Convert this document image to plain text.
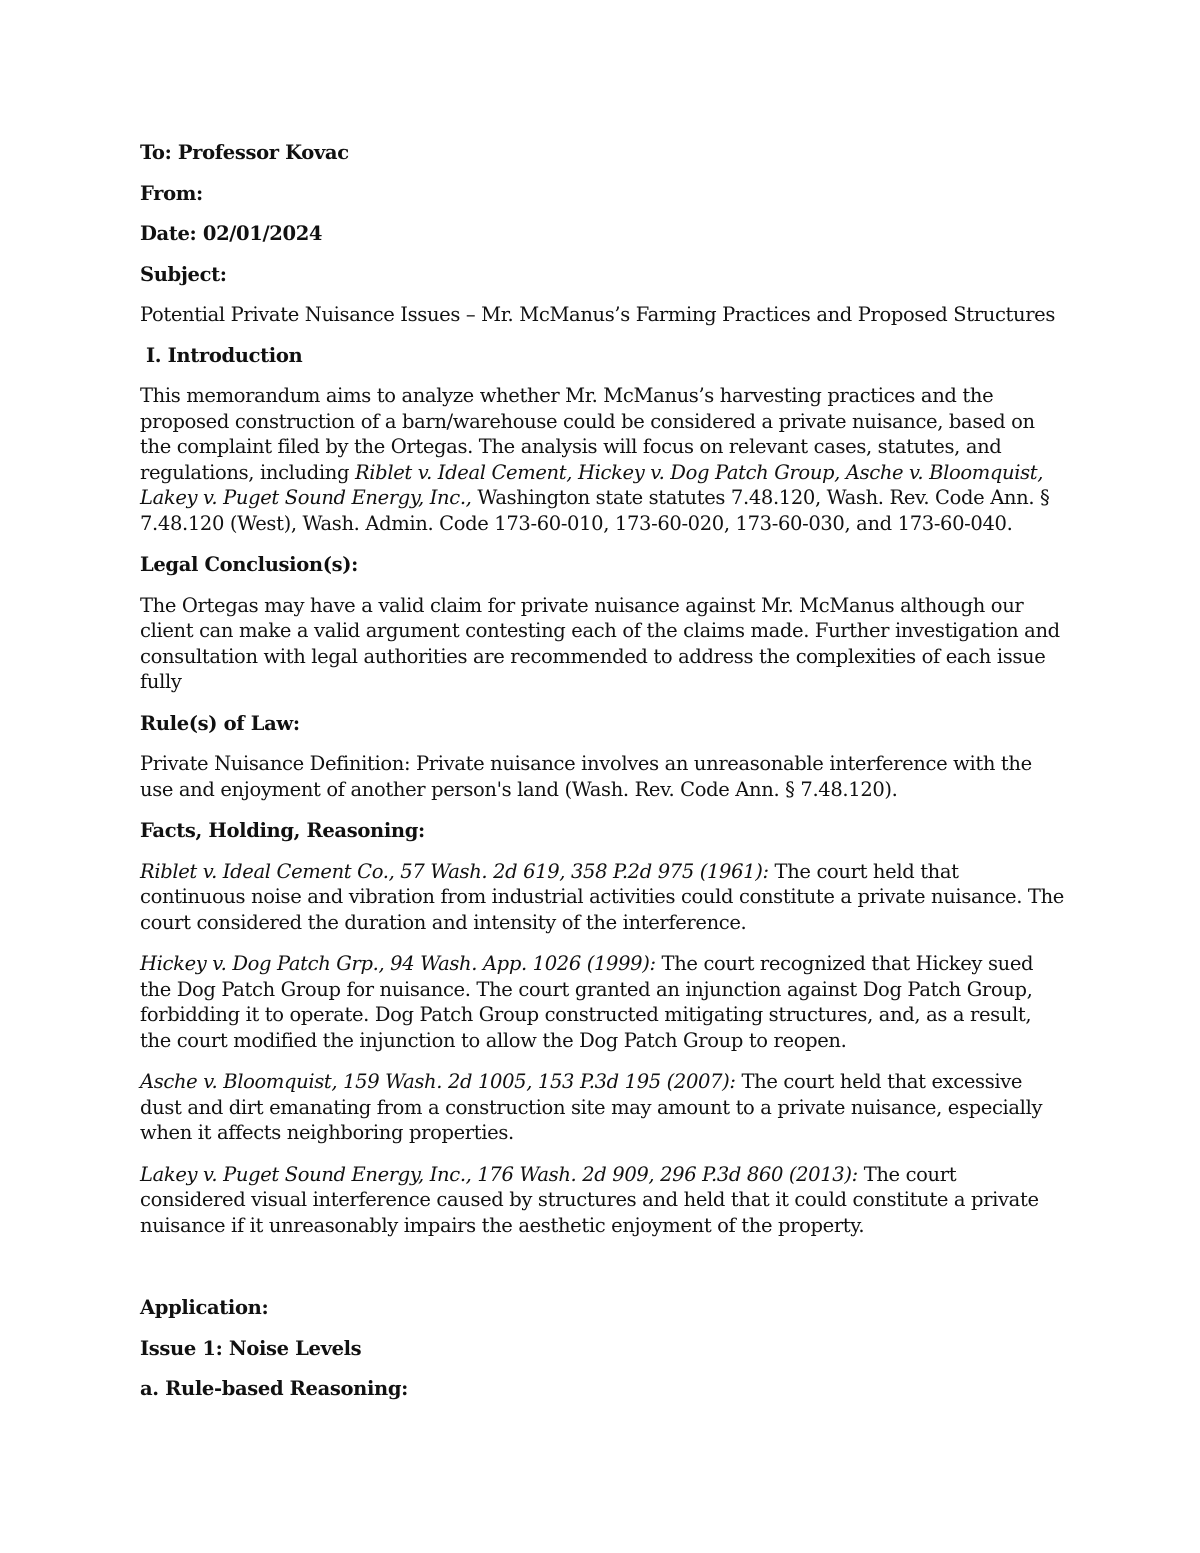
To: Professor Kovac

From:

Date: 02/01/2024

Subject:

Potential Private Nuisance Issues – Mr. McManus’s Farming Practices and Proposed Structures

I. Introduction

This memorandum aims to analyze whether Mr. McManus’s harvesting practices and the proposed construction of a barn/warehouse could be considered a private nuisance, based on the complaint filed by the Ortegas. The analysis will focus on relevant cases, statutes, and regulations, including Riblet v. Ideal Cement, Hickey v. Dog Patch Group, Asche v. Bloomquist, Lakey v. Puget Sound Energy, Inc., Washington state statutes 7.48.120, Wash. Rev. Code Ann. § 7.48.120 (West), Wash. Admin. Code 173-60-010, 173-60-020, 173-60-030, and 173-60-040.

Legal Conclusion(s):

The Ortegas may have a valid claim for private nuisance against Mr. McManus although our client can make a valid argument contesting each of the claims made. Further investigation and consultation with legal authorities are recommended to address the complexities of each issue fully

Rule(s) of Law:

Private Nuisance Definition: Private nuisance involves an unreasonable interference with the use and enjoyment of another person's land (Wash. Rev. Code Ann. § 7.48.120).

Facts, Holding, Reasoning:

Riblet v. Ideal Cement Co., 57 Wash. 2d 619, 358 P.2d 975 (1961): The court held that continuous noise and vibration from industrial activities could constitute a private nuisance. The court considered the duration and intensity of the interference.

Hickey v. Dog Patch Grp., 94 Wash. App. 1026 (1999): The court recognized that Hickey sued the Dog Patch Group for nuisance. The court granted an injunction against Dog Patch Group, forbidding it to operate. Dog Patch Group constructed mitigating structures, and, as a result, the court modified the injunction to allow the Dog Patch Group to reopen.

Asche v. Bloomquist, 159 Wash. 2d 1005, 153 P.3d 195 (2007): The court held that excessive dust and dirt emanating from a construction site may amount to a private nuisance, especially when it affects neighboring properties.

Lakey v. Puget Sound Energy, Inc., 176 Wash. 2d 909, 296 P.3d 860 (2013): The court considered visual interference caused by structures and held that it could constitute a private nuisance if it unreasonably impairs the aesthetic enjoyment of the property.

Application:

Issue 1: Noise Levels

a. Rule-based Reasoning:
